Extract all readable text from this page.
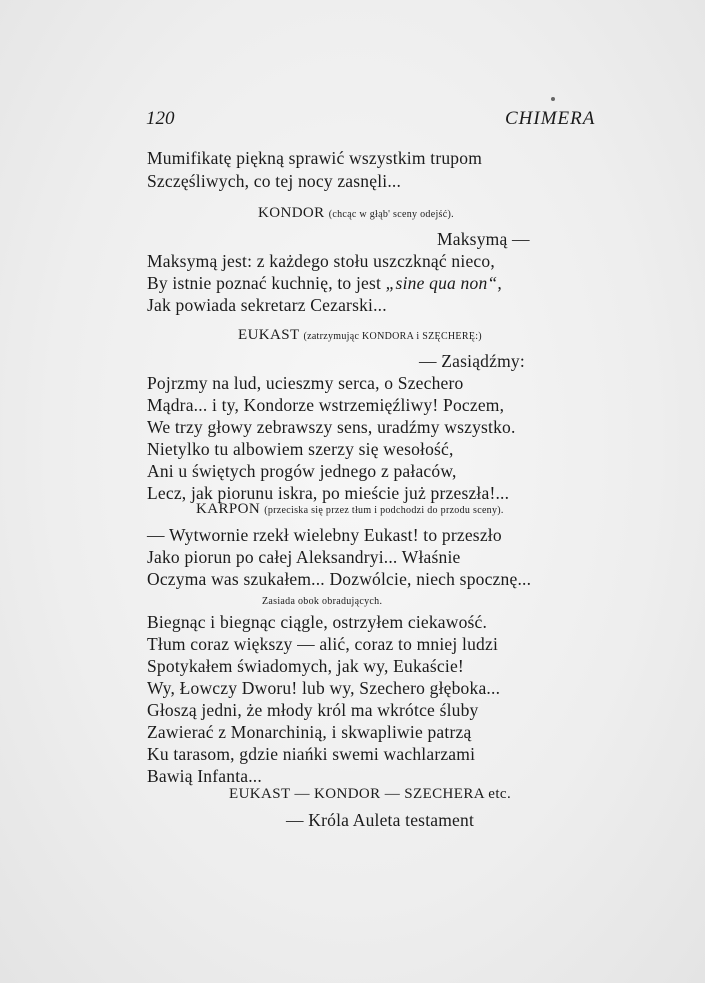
120	CHIMERA
Mumifikatę piękną sprawić wszystkim trupom
Szczęśliwych, co tej nocy zasnęli...
KONDOR (chcąc w głąb' sceny odejść).
Maksymą —
Maksymą jest: z każdego stołu uszczknąć nieco,
By istnie poznać kuchnię, to jest „sine qua non“,
Jak powiada sekretarz Cezarski...
EUKAST (zatrzymując KONDORA i SZĘCHERĘ:)
— Zasiądźmy:
Pojrzmy na lud, ucieszmy serca, o Szechero
Mądra... i ty, Kondorze wstrzemięźliwy! Poczem,
We trzy głowy zebrawszy sens, uradźmy wszystko.
Nietylko tu albowiem szerzy się wesołość,
Ani u świętych progów jednego z pałaców,
Lecz, jak piorunu iskra, po mieście już przeszła!...
KARPON (przeciska się przez tłum i podchodzi do przodu sceny).
— Wytwornie rzekł wielebny Eukast! to przeszło
Jako piorun po całej Aleksandryi... Właśnie
Oczyma was szukałem... Dozwólcie, niech spocznę...
Zasiada obok obradujących.
Biegnąc i biegnąc ciągle, ostrzyłem ciekawość.
Tłum coraz większy — alić, coraz to mniej ludzi
Spotykałem świadomych, jak wy, Eukaście!
Wy, Łowczy Dworu! lub wy, Szechero głęboka...
Głoszą jedni, że młody król ma wkrótce śluby
Zawierać z Monarchinią, i skwapliwie patrzą
Ku tarasom, gdzie niańki swemi wachlarzami
Bawią Infanta...
EUKAST — KONDOR — SZECHERA etc.
— Króla Auleta testament
